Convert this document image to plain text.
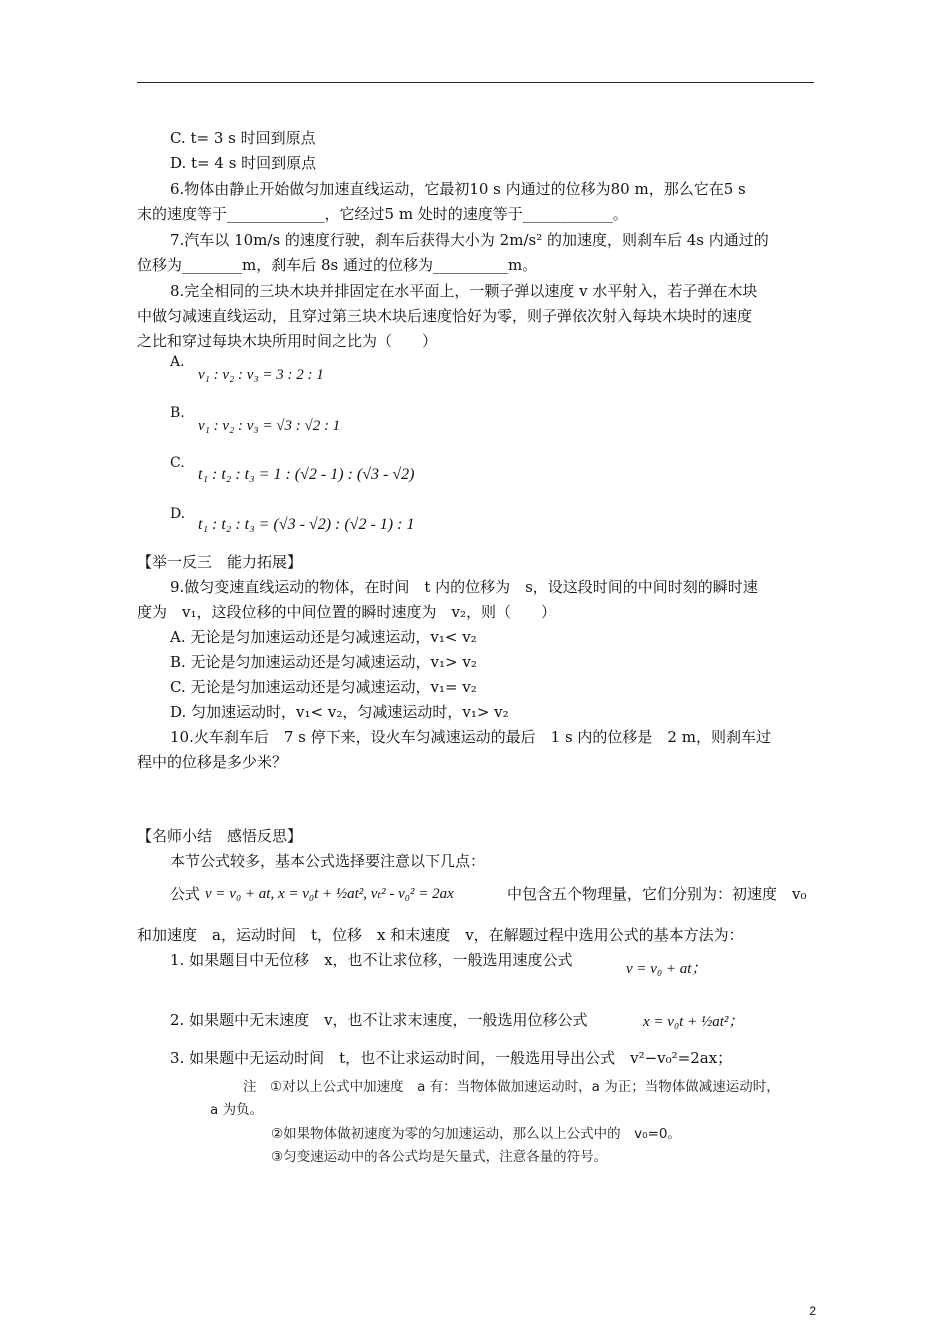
C. t= 3 s 时回到原点
D. t= 4 s 时回到原点
6.物体由静止开始做匀加速直线运动，它最初10 s 内通过的位移为80 m，那么它在5 s
末的速度等于_____________，它经过5 m 处时的速度等于____________。
7.汽车以 10m/s 的速度行驶，刹车后获得大小为 2m/s² 的加速度，则刹车后 4s 内通过的
位移为________m，刹车后 8s 通过的位移为__________m。
8.完全相同的三块木块并排固定在水平面上，一颗子弹以速度 v 水平射入，若子弹在木块
中做匀减速直线运动，且穿过第三块木块后速度恰好为零，则子弹依次射入每块木块时的速度
之比和穿过每块木块所用时间之比为（　　）
A.
v₁ : v₂ : v₃ = 3 : 2 : 1
B.
v₁ : v₂ : v₃ = √3 : √2 : 1
C.
t₁ : t₂ : t₃ = 1 : (√2 - 1) : (√3 - √2)
D.
t₁ : t₂ : t₃ = (√3 - √2) : (√2 - 1) : 1
【举一反三　能力拓展】
9.做匀变速直线运动的物体，在时间　t 内的位移为　s，设这段时间的中间时刻的瞬时速
度为　v₁，这段位移的中间位置的瞬时速度为　v₂，则（　　）
A. 无论是匀加速运动还是匀减速运动，v₁< v₂
B. 无论是匀加速运动还是匀减速运动，v₁> v₂
C. 无论是匀加速运动还是匀减速运动，v₁= v₂
D. 匀加速运动时，v₁< v₂，匀减速运动时，v₁> v₂
10.火车刹车后　7 s 停下来，设火车匀减速运动的最后　1 s 内的位移是　2 m，则刹车过
程中的位移是多少米？
【名师小结　感悟反思】
本节公式较多，基本公式选择要注意以下几点：
公式 v = v₀ + at, x = v₀t + ½at², vₜ² - v₀² = 2ax	中包含五个物理量，它们分别为：初速度　v₀
和加速度　a，运动时间　t，位移　x 和末速度　v，在解题过程中选用公式的基本方法为：
1. 如果题目中无位移　x，也不让求位移，一般选用速度公式	v = v₀ + at；
2. 如果题中无末速度　v，也不让求末速度，一般选用位移公式	x = v₀t + ½at²；
3. 如果题中无运动时间　t，也不让求运动时间，一般选用导出公式　v²−v₀²=2ax；
注　①对以上公式中加速度　a 有：当物体做加速运动时，a 为正；当物体做减速运动时，
a 为负。
②如果物体做初速度为零的匀加速运动，那么以上公式中的　v₀=0。
③匀变速运动中的各公式均是矢量式，注意各量的符号。
2
